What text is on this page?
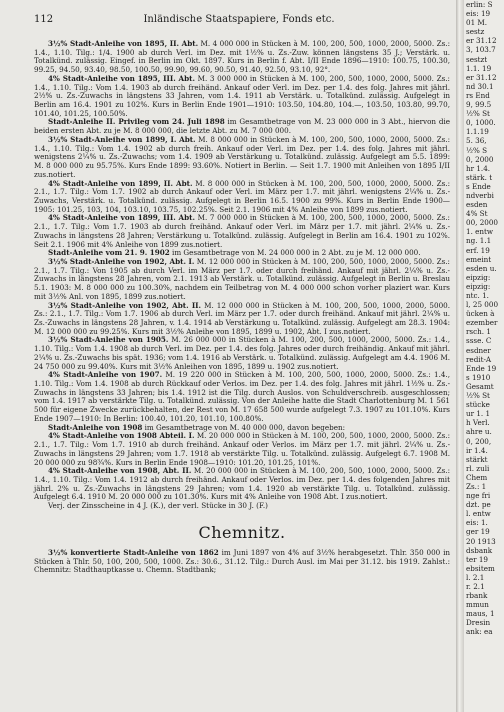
112	Inländische Staatspapiere, Fonds etc.

3½% Stadt-Anleihe von 1895, II. Abt. M. 4 000 000 in Stücken à M. 100, 200, 500, 1000, 2000, 5000. Zs.: 1.4., 1.10. Tilg.: 1/4. 1900 ab durch Verl. im Dez. mit 1½% u. Zs.-Zuw. können längstens 35 J.; Verstärk. u. Totalkünd. zulässig. Eingef. in Berlin im Okt. 1897. Kurs in Berlin f. Abt. I/II Ende 1896—1910: 100.75, 100.30, 99.25, 94.50, 93.40, 98.50, 100.50, 99.90, 99.60, 90.50, 91.40, 92.50, 93.10, 92°.

4% Stadt-Anleihe von 1895, III. Abt. M. 3 000 000 in Stücken à M. 100, 200, 500, 1000, 2000, 5000. Zs.: 1.4., 1.10. Tilg.: Vom 1.4. 1903 ab durch freihänd. Ankauf oder Verl. im Dez. per 1.4. des folg. Jahres mit jährl. 2½% u. Zs.-Zuwachs in längstens 33 Jahren, vom 1.4. 1911 ab Verstärk. u. Totalkünd. zulässig. Aufgelegt in Berlin am 16.4. 1901 zu 102%. Kurs in Berlin Ende 1901—1910: 103.50, 104.80, 104.—, 103.50, 103.80, 99.70, 101.40, 101.25, 100.50%.

Stadt-Anleihe II. Privileg vom 24. Juli 1898 im Gesamtbetrage von M. 23 000 000 in 3 Abt., hiervon die beiden ersten Abt. zu je M. 8 000 000, die letzte Abt. zu M. 7 000 000.

3½% Stadt-Anleihe von 1899, I. Abt. M. 8 000 000 in Stücken à M. 100, 200, 500, 1000, 2000, 5000. Zs.: 1.4., 1.10. Tilg.: Vom 1.4. 1902 ab durch freih. Ankauf oder Verl. im Dez. per 1.4. des folg. Jahres mit jährl. wenigstens 2¼% u. Zs.-Zuwachs; vom 1.4. 1909 ab Verstärkung u. Totalkünd. zulässig. Aufgelegt am 5.5. 1899: M. 8 000 000 zu 95.75%. Kurs Ende 1899: 93.60%. Notiert in Berlin. — Seit 1.7. 1900 mit Anleihen von 1895 I/II zus.notiert.

4% Stadt-Anleihe von 1899, II. Abt. M. 8 000 000 in Stücken à M. 100, 200, 500, 1000, 2000, 5000. Zs.: 2.1., 1.7. Tilg.: Vom 1.7. 1902 ab durch Ankauf oder Verl. im März per 1.7. mit jährl. wenigstens 2¼% u. Zs.-Zuwachs, Verstärk. u. Totalkünd. zulässig. Aufgelegt in Berlin 16.5. 1900 zu 99%. Kurs in Berlin Ende 1900—1905: 101.25, 103, 104, 103.10, 103.75, 102.25%. Seit 2.1. 1906 mit 4% Anleihe von 1899 zus.notiert.

4% Stadt-Anleihe von 1899, III. Abt. M. 7 000 000 in Stücken à M. 100, 200, 500, 1000, 2000, 5000. Zs.: 2.1., 1.7. Tilg.: Vom 1.7. 1903 ab durch freihänd. Ankauf oder Verl. im März per 1.7. mit jährl. 2¼% u. Zs.-Zuwachs in längstens 28 Jahren; Verstärkung u. Totalkünd. zulässig. Aufgelegt in Berlin am 16.4. 1901 zu 102%. Seit 2.1. 1906 mit 4% Anleihe von 1899 zus.notiert.

Stadt-Anleihe vom 21. 9. 1902 im Gesamtbetrage von M. 24 000 000 in 2 Abt. zu je M. 12 000 000.

3½% Stadt-Anleihe von 1902, Abt. I. M. 12 000 000 in Stücken à M. 100, 200, 500, 1000, 2000, 5000. Zs.: 2.1., 1.7. Tilg.: Von 1905 ab durch Verl. im März per 1.7. oder durch freihänd. Ankauf mit jährl. 2¼% u. Zs.-Zuwachs in längstens 28 Jahren, vom 2.1. 1913 ab Verstärk. u. Totalkünd. zulässig. Aufgelegt in Berlin u. Breslau 5.1. 1903: M. 8 000 000 zu 100.30%, nachdem ein Teilbetrag von M. 4 000 000 schon vorher plaziert war. Kurs mit 3½% Anl. von 1895, 1899 zus.notiert.

3½% Stadt-Anleihe von 1902, Abt. II. M. 12 000 000 in Stücken à M. 100, 200, 500, 1000, 2000, 5000. Zs.: 2.1., 1.7. Tilg.: Vom 1.7. 1906 ab durch Verl. im März per 1.7. oder durch freihänd. Ankauf mit jährl. 2¼% u. Zs.-Zuwachs in längstens 28 Jahren, v. 1.4. 1914 ab Verstärkung u. Totalkünd. zulässig. Aufgelegt am 28.3. 1904: M. 12 000 000 zu 99.25%. Kurs mit 3½% Anleihe von 1895, 1899 u. 1902, Abt. I zus.notiert.

3½% Stadt-Anleihe von 1905. M. 26 000 000 in Stücken à M. 100, 200, 500, 1000, 2000, 5000. Zs.: 1.4., 1.10. Tilg.: Vom 1.4. 1908 ab durch Verl. im Dez. per 1.4. des folg. Jahres oder durch freihändig. Ankauf mit jährl. 2¼% u. Zs.-Zuwachs bis spät. 1936; vom 1.4. 1916 ab Verstärk. u. Totalkünd. zulässig. Aufgelegt am 4.4. 1906 M. 24 750 000 zu 99.40%. Kurs mit 3½% Anleihen von 1895, 1899 u. 1902 zus.notiert.

4% Stadt-Anleihe von 1907. M. 19 220 000 in Stücken à M. 100, 200, 500, 1000, 2000, 5000. Zs.: 1.4., 1.10. Tilg.: Vom 1.4. 1908 ab durch Rückkauf oder Verlos. im Dez. per 1.4. des folg. Jahres mit jährl. 1½% u. Zs.-Zuwachs in längstens 33 Jahren; bis 1.4. 1912 ist die Tilg. durch Auslos. von Schuldverschreib. ausgeschlossen; vom 1.4. 1917 ab verstärkte Tilg. u. Totalkünd. zulässig. Von der Anleihe hatte die Stadt Charlottenburg M. 1 561 500 für eigene Zwecke zurückbehalten, der Rest von M. 17 658 500 wurde aufgelegt 7.3. 1907 zu 101.10%. Kurs Ende 1907—1910: In Berlin: 100.40, 101.20, 101.10, 100.80%.

Stadt-Anleihe von 1908 im Gesamtbetrage von M. 40 000 000, davon begeben:

4% Stadt-Anleihe von 1908 Abteil. I. M. 20 000 000 in Stücken à M. 100, 200, 500, 1000, 2000, 5000. Zs.: 2.1., 1.7. Tilg.: Vom 1.7. 1910 ab durch freihänd. Ankauf oder Verlos. im März per 1.7. mit jährl. 2¼% u. Zs.-Zuwachs in längstens 29 Jahren; vom 1.7. 1918 ab verstärkte Tilg. u. Totalkünd. zulässig. Aufgelegt 6.7. 1908 M. 20 000 000 zu 98¾%. Kurs in Berlin Ende 1908—1910: 101.20, 101.25, 101%.

4% Stadt-Anleihe von 1908, Abt. II. M. 20 000 000 in Stücken à M. 100, 200, 500, 1000, 2000, 5000. Zs.: 1.4., 1.10. Tilg.: Vom 1.4. 1912 ab durch freihänd. Ankauf oder Verlos. im Dez. per 1.4. des folgenden Jahres mit jährl. 2% u. Zs.-Zuwachs in längstens 29 Jahren; vom 1.4. 1920 ab verstärkte Tilg. u. Totalkünd. zulässig. Aufgelegt 6.4. 1910 M. 20 000 000 zu 101.30%. Kurs mit 4% Anleihe von 1908 Abt. I zus.notiert.

Verj. der Zinsscheine in 4 J. (K.), der verl. Stücke in 30 J. (F.)

Chemnitz.

3½% konvertierte Stadt-Anleihe von 1862 im Juni 1897 von 4% auf 3½% herabgesetzt. Thlr. 350 000 in Stücken à Thlr. 50, 100, 200, 500, 1000. Zs.: 30.6., 31.12. Tilg.: Durch Ausl. im Mai per 31.12. bis 1919. Zahlst.: Chemnitz: Stadthauptkasse u. Chemn. Stadtbank;

erlin: S
eis: 19
01 M.
sestz
er 31.12
3, 103.7
sestzt
1.1. 19
er 31.12
nd 30.1
rs End
9, 99.5
½% St
0, 1000.
1.1.19
5. 36,
½% S
0, 2000
hr 1.4.
stärk. t
s Ende
ndverbi
esden
4% St
00, 2000
1. entw
ng. 1.1
erf. 19
emeint
esden u.
eipzig:
eipzig:
ntc. 1.
l, 25 000
ücken à
ezember
rsch. 1
ssse. C
esdner
redit-A
Ende 19
s 1910
Gesamt
½% St
stücke
ur 1. 1
h Verl.
ahre u.
0, 200,
ir 1.4.
stärkt
rl. zuli
Chem
Zs.: 1
nge fri
dzt. pe
l. entw
eis: 1.
ger 19
20 1913
dsbank
ter 19
ebsitem
l. 2.1
r. 2.1
rbank
mmun
maus, 1
Dresin
ank: ea
